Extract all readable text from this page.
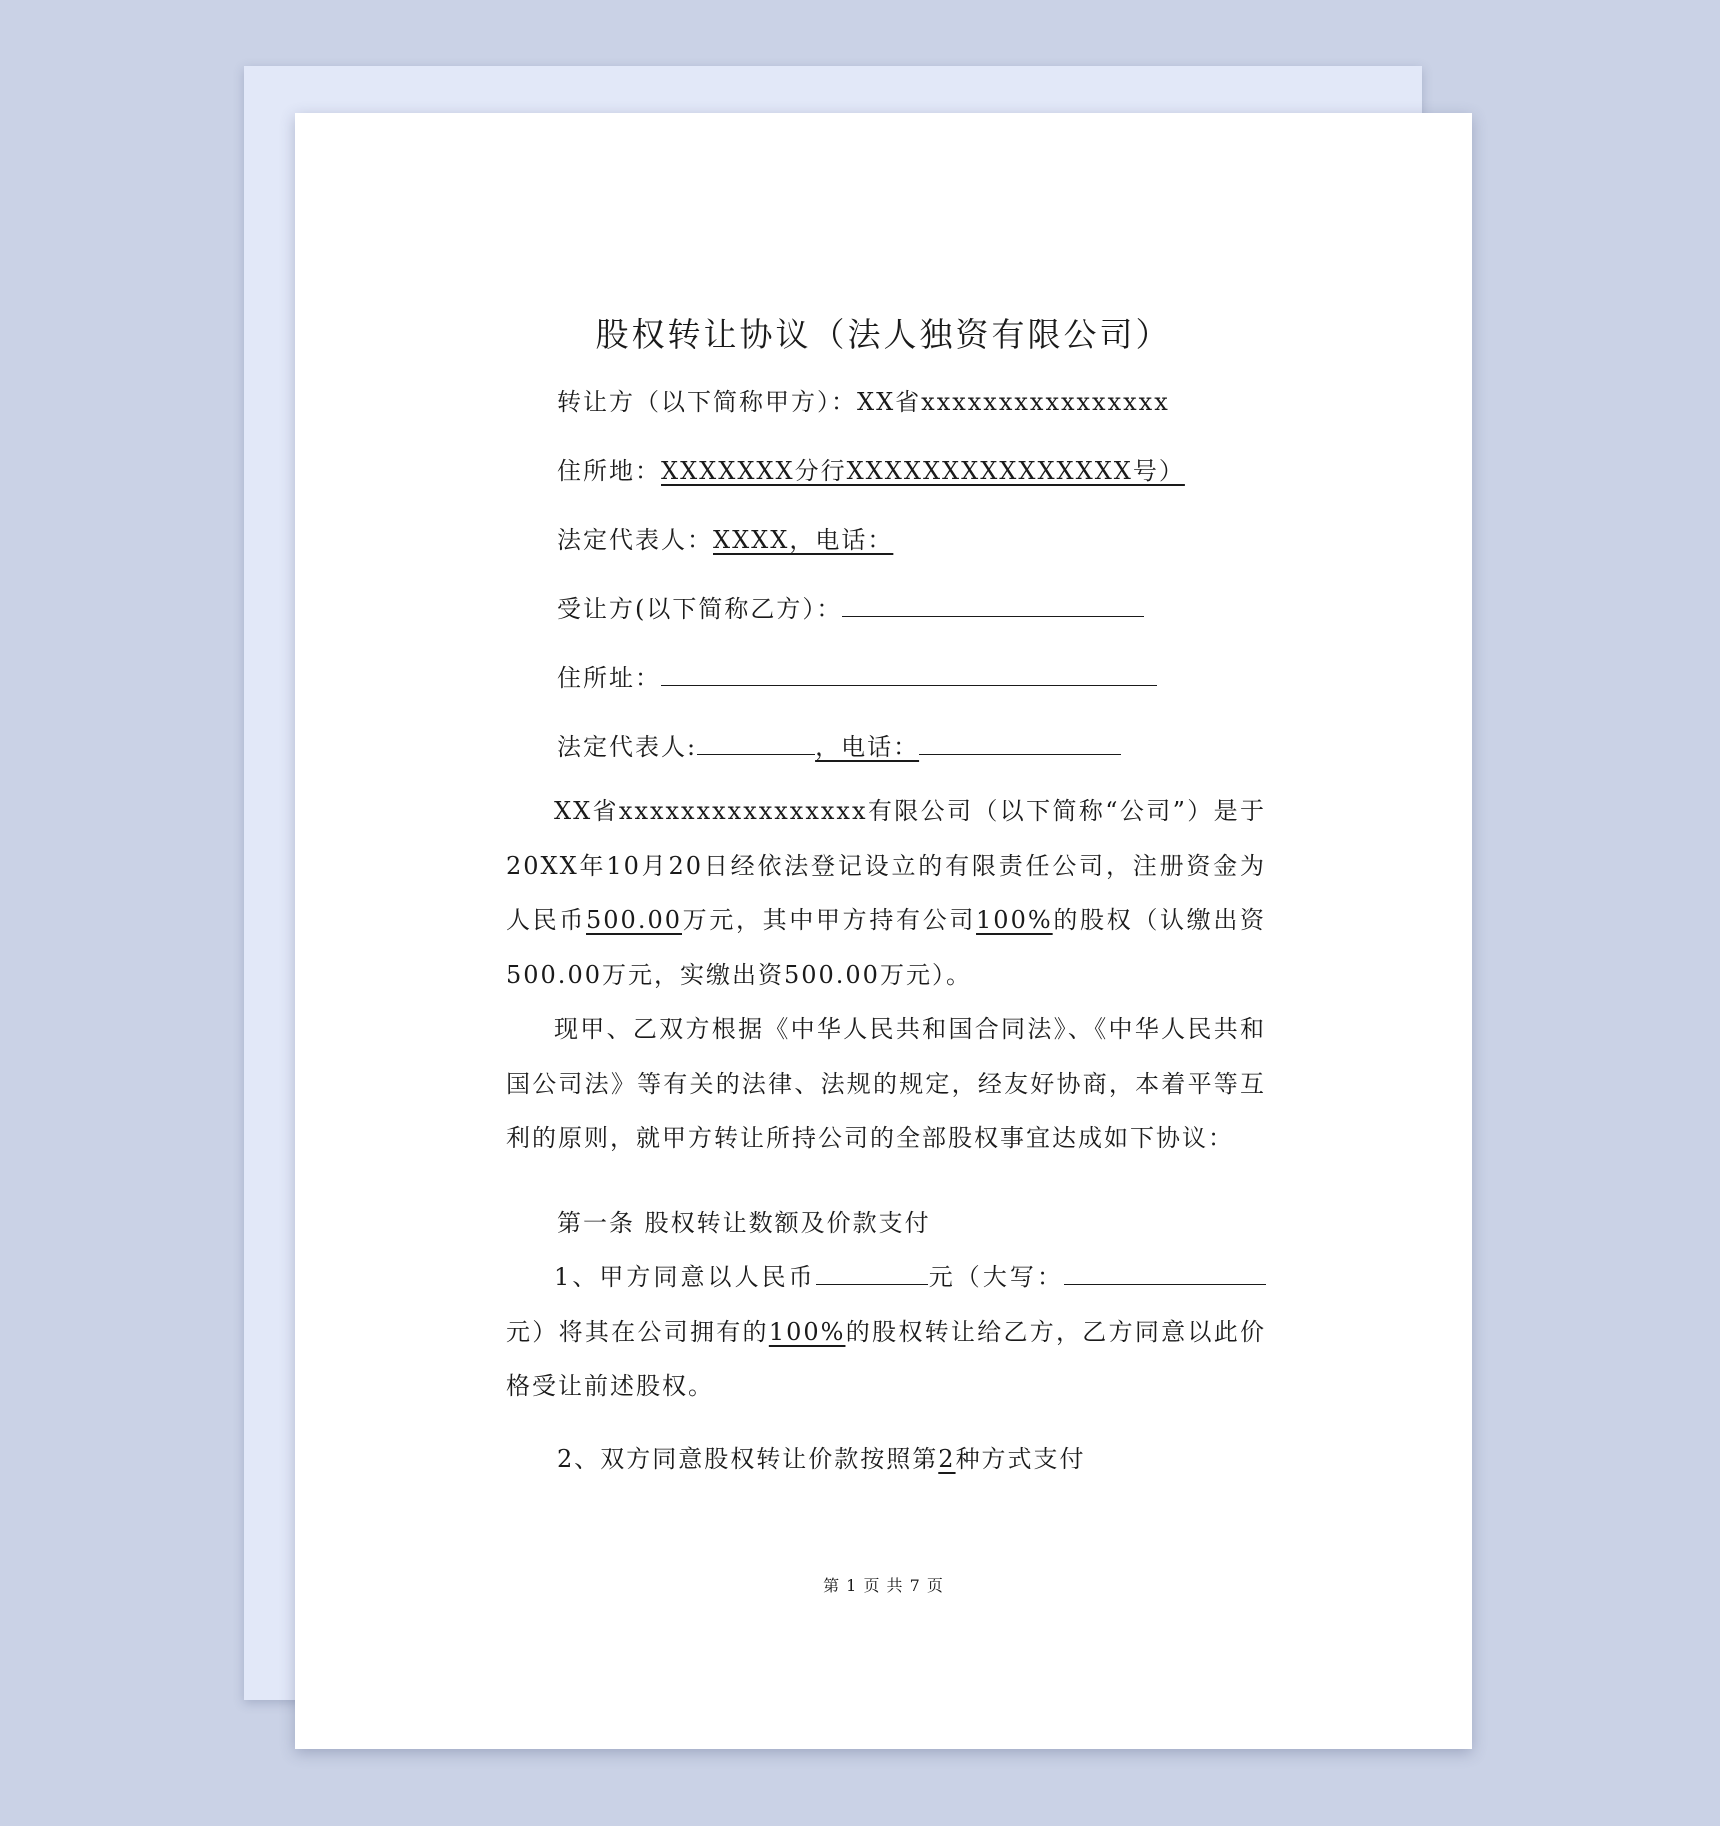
股权转让协议（法人独资有限公司）
转让方（以下简称甲方）：XX省xxxxxxxxxxxxxxxx
住所地：XXXXXXX分行XXXXXXXXXXXXXXX号）
法定代表人：XXXX，电话：
受让方(以下简称乙方）：
住所址：
法定代表人:	，电话：
XX省xxxxxxxxxxxxxxxx有限公司（以下简称“公司”）是于20XX年10月20日经依法登记设立的有限责任公司，注册资金为人民币500.00万元，其中甲方持有公司100%的股权（认缴出资500.00万元，实缴出资500.00万元）。
现甲、乙双方根据《中华人民共和国合同法》、《中华人民共和国公司法》等有关的法律、法规的规定，经友好协商，本着平等互利的原则，就甲方转让所持公司的全部股权事宜达成如下协议：
第一条 股权转让数额及价款支付
1、甲方同意以人民币	元（大写：元）将其在公司拥有的100%的股权转让给乙方，乙方同意以此价格受让前述股权。
2、双方同意股权转让价款按照第2种方式支付
第 1 页 共 7 页
